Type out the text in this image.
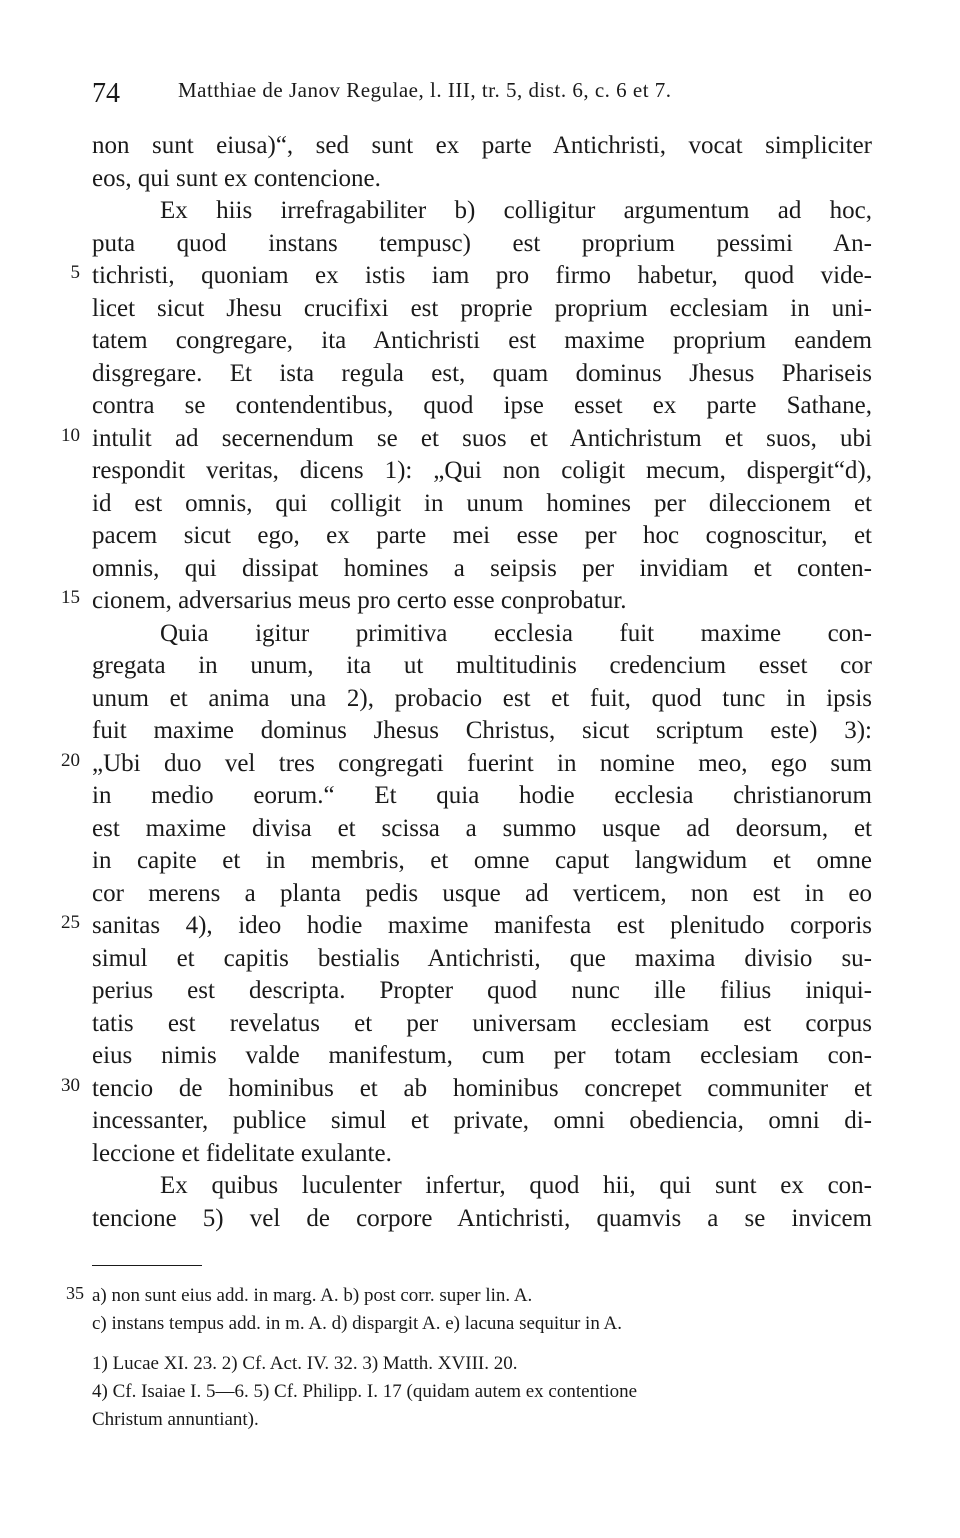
74	Matthiae de Janov Regulae, l. III, tr. 5, dist. 6, c. 6 et 7.
non sunt eiusa)“, sed sunt ex parte Antichristi, vocat simpliciter
eos, qui sunt ex contencione.
Ex hiis irrefragabiliter b) colligitur argumentum ad hoc,
puta quod instans tempusc) est proprium pessimi An-
5 tichristi, quoniam ex istis iam pro firmo habetur, quod vide-
licet sicut Jhesu crucifixi est proprie proprium ecclesiam in uni-
tatem congregare, ita Antichristi est maxime proprium eandem
disgregare. Et ista regula est, quam dominus Jhesus Phariseis
contra se contendentibus, quod ipse esset ex parte Sathane,
10 intulit ad secernendum se et suos et Antichristum et suos, ubi
respondit veritas, dicens 1): „Qui non coligit mecum, dispergit“d),
id est omnis, qui colligit in unum homines per dileccionem et
pacem sicut ego, ex parte mei esse per hoc cognoscitur, et
omnis, qui dissipat homines a seipsis per invidiam et conten-
15 cionem, adversarius meus pro certo esse conprobatur.
Quia igitur primitiva ecclesia fuit maxime con-
gregata in unum, ita ut multitudinis credencium esset cor
unum et anima una 2), probacio est et fuit, quod tunc in ipsis
fuit maxime dominus Jhesus Christus, sicut scriptum este) 3):
20 „Ubi duo vel tres congregati fuerint in nomine meo, ego sum
in medio eorum.“ Et quia hodie ecclesia christianorum
est maxime divisa et scissa a summo usque ad deorsum, et
in capite et in membris, et omne caput langwidum et omne
cor merens a planta pedis usque ad verticem, non est in eo
25 sanitas 4), ideo hodie maxime manifesta est plenitudo corporis
simul et capitis bestialis Antichristi, que maxima divisio su-
perius est descripta. Propter quod nunc ille filius iniqui-
tatis est revelatus et per universam ecclesiam est corpus
eius nimis valde manifestum, cum per totam ecclesiam con-
30 tencio de hominibus et ab hominibus concrepet communiter et
incessanter, publice simul et private, omni obediencia, omni di-
leccione et fidelitate exulante.
Ex quibus luculenter infertur, quod hii, qui sunt ex con-
tencione 5) vel de corpore Antichristi, quamvis a se invicem
35 a) non sunt eius add. in marg. A. b) post corr. super lin. A.
c) instans tempus add. in m. A. d) dispargit A. e) lacuna sequitur in A.
1) Lucae XI. 23. 2) Cf. Act. IV. 32. 3) Matth. XVIII. 20.
4) Cf. Isaiae I. 5—6. 5) Cf. Philipp. I. 17 (quidam autem ex contentione
Christum annuntiant).
